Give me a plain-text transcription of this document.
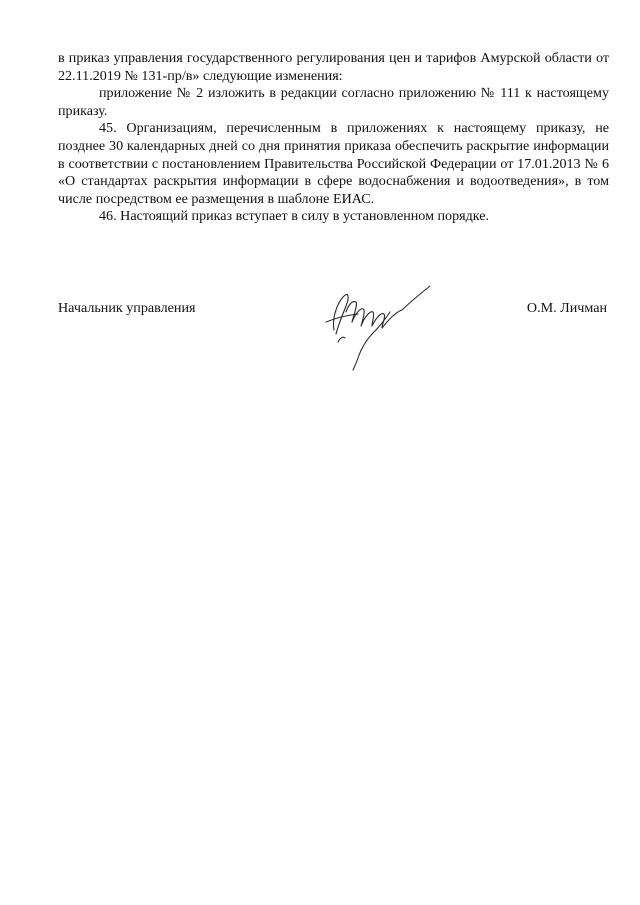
в приказ управления государственного регулирования цен и тарифов Амурской области от 22.11.2019 № 131-пр/в» следующие изменения:

приложение № 2 изложить в редакции согласно приложению № 111 к настоящему приказу.

45. Организациям, перечисленным в приложениях к настоящему приказу, не позднее 30 календарных дней со дня принятия приказа обеспечить раскрытие информации в соответствии с постановлением Правительства Российской Федерации от 17.01.2013 № 6 «О стандартах раскрытия информации в сфере водоснабжения и водоотведения», в том числе посредством ее размещения в шаблоне ЕИАС.

46. Настоящий приказ вступает в силу в установленном порядке.

Начальник управления	О.М. Личман
